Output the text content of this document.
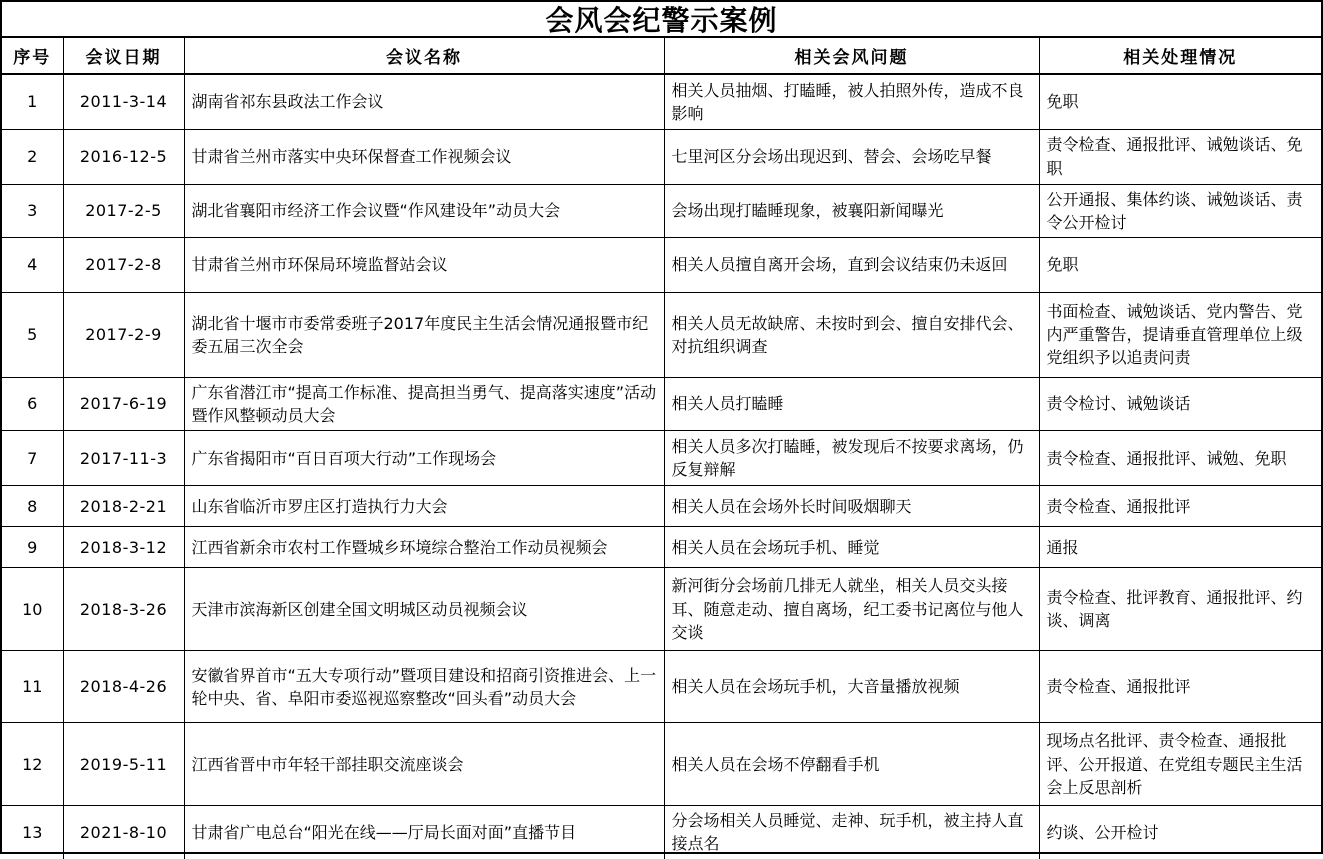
会风会纪警示案例
序号	会议日期	会议名称	相关会风问题	相关处理情况
1	2011-3-14	湖南省祁东县政法工作会议	相关人员抽烟、打瞌睡，被人拍照外传，造成不良影响	免职
2	2016-12-5	甘肃省兰州市落实中央环保督查工作视频会议	七里河区分会场出现迟到、替会、会场吃早餐	责令检查、通报批评、诫勉谈话、免职
3	2017-2-5	湖北省襄阳市经济工作会议暨“作风建设年”动员大会	会场出现打瞌睡现象，被襄阳新闻曝光	公开通报、集体约谈、诫勉谈话、责令公开检讨
4	2017-2-8	甘肃省兰州市环保局环境监督站会议	相关人员擅自离开会场，直到会议结束仍未返回	免职
5	2017-2-9	湖北省十堰市市委常委班子2017年度民主生活会情况通报暨市纪委五届三次全会	相关人员无故缺席、未按时到会、擅自安排代会、对抗组织调查	书面检查、诫勉谈话、党内警告、党内严重警告，提请垂直管理单位上级党组织予以追责问责
6	2017-6-19	广东省潜江市“提高工作标准、提高担当勇气、提高落实速度”活动暨作风整顿动员大会	相关人员打瞌睡	责令检讨、诫勉谈话
7	2017-11-3	广东省揭阳市“百日百项大行动”工作现场会	相关人员多次打瞌睡，被发现后不按要求离场，仍反复辩解	责令检查、通报批评、诫勉、免职
8	2018-2-21	山东省临沂市罗庄区打造执行力大会	相关人员在会场外长时间吸烟聊天	责令检查、通报批评
9	2018-3-12	江西省新余市农村工作暨城乡环境综合整治工作动员视频会	相关人员在会场玩手机、睡觉	通报
10	2018-3-26	天津市滨海新区创建全国文明城区动员视频会议	新河街分会场前几排无人就坐，相关人员交头接耳、随意走动、擅自离场，纪工委书记离位与他人交谈	责令检查、批评教育、通报批评、约谈、调离
11	2018-4-26	安徽省界首市“五大专项行动”暨项目建设和招商引资推进会、上一轮中央、省、阜阳市委巡视巡察整改“回头看”动员大会	相关人员在会场玩手机，大音量播放视频	责令检查、通报批评
12	2019-5-11	江西省晋中市年轻干部挂职交流座谈会	相关人员在会场不停翻看手机	现场点名批评、责令检查、通报批评、公开报道、在党组专题民主生活会上反思剖析
13	2021-8-10	甘肃省广电总台“阳光在线——厅局长面对面”直播节目	分会场相关人员睡觉、走神、玩手机，被主持人直接点名	约谈、公开检讨
